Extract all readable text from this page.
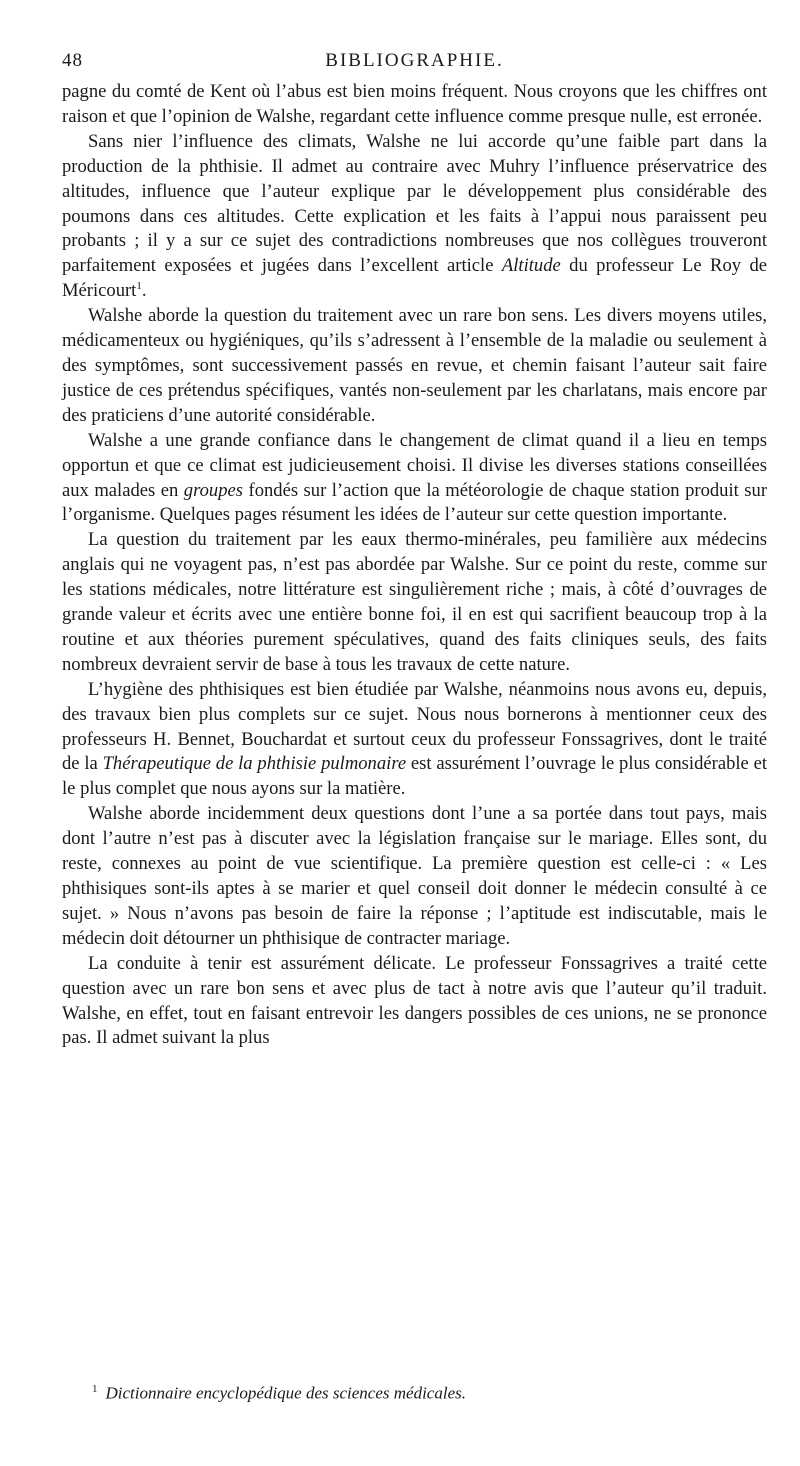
48	BIBLIOGRAPHIE.

pagne du comté de Kent où l’abus est bien moins fréquent. Nous croyons que les chiffres ont raison et que l’opinion de Walshe, regardant cette influence comme presque nulle, est erronée.

Sans nier l’influence des climats, Walshe ne lui accorde qu’une faible part dans la production de la phthisie. Il admet au contraire avec Muhry l’influence préservatrice des altitudes, influence que l’auteur explique par le développement plus considérable des poumons dans ces altitudes. Cette explication et les faits à l’appui nous paraissent peu probants ; il y a sur ce sujet des contradictions nombreuses que nos collègues trouveront parfaitement exposées et jugées dans l’excellent article Altitude du professeur Le Roy de Méricourt$^1$.

Walshe aborde la question du traitement avec un rare bon sens. Les divers moyens utiles, médicamenteux ou hygiéniques, qu’ils s’adressent à l’ensemble de la maladie ou seulement à des symptômes, sont successivement passés en revue, et chemin faisant l’auteur sait faire justice de ces prétendus spécifiques, vantés non-seulement par les charlatans, mais encore par des praticiens d’une autorité considérable.

Walshe a une grande confiance dans le changement de climat quand il a lieu en temps opportun et que ce climat est judicieusement choisi. Il divise les diverses stations conseillées aux malades en groupes fondés sur l’action que la météorologie de chaque station produit sur l’organisme. Quelques pages résument les idées de l’auteur sur cette question importante.

La question du traitement par les eaux thermo-minérales, peu familière aux médecins anglais qui ne voyagent pas, n’est pas abordée par Walshe. Sur ce point du reste, comme sur les stations médicales, notre littérature est singulièrement riche ; mais, à côté d’ouvrages de grande valeur et écrits avec une entière bonne foi, il en est qui sacrifient beaucoup trop à la routine et aux théories purement spéculatives, quand des faits cliniques seuls, des faits nombreux devraient servir de base à tous les travaux de cette nature.

L’hygiène des phthisiques est bien étudiée par Walshe, néanmoins nous avons eu, depuis, des travaux bien plus complets sur ce sujet. Nous nous bornerons à mentionner ceux des professeurs H. Bennet, Bouchardat et surtout ceux du professeur Fonssagrives, dont le traité de la Thérapeutique de la phthisie pulmonaire est assurément l’ouvrage le plus considérable et le plus complet que nous ayons sur la matière.

Walshe aborde incidemment deux questions dont l’une a sa portée dans tout pays, mais dont l’autre n’est pas à discuter avec la législation française sur le mariage. Elles sont, du reste, connexes au point de vue scientifique. La première question est celle-ci : « Les phthisiques sont-ils aptes à se marier et quel conseil doit donner le médecin consulté à ce sujet. » Nous n’avons pas besoin de faire la réponse ; l’aptitude est indiscutable, mais le médecin doit détourner un phthisique de contracter mariage.

La conduite à tenir est assurément délicate. Le professeur Fonssagrives a traité cette question avec un rare bon sens et avec plus de tact à notre avis que l’auteur qu’il traduit. Walshe, en effet, tout en faisant entrevoir les dangers possibles de ces unions, ne se prononce pas. Il admet suivant la plus

$^1$ Dictionnaire encyclopédique des sciences médicales.
